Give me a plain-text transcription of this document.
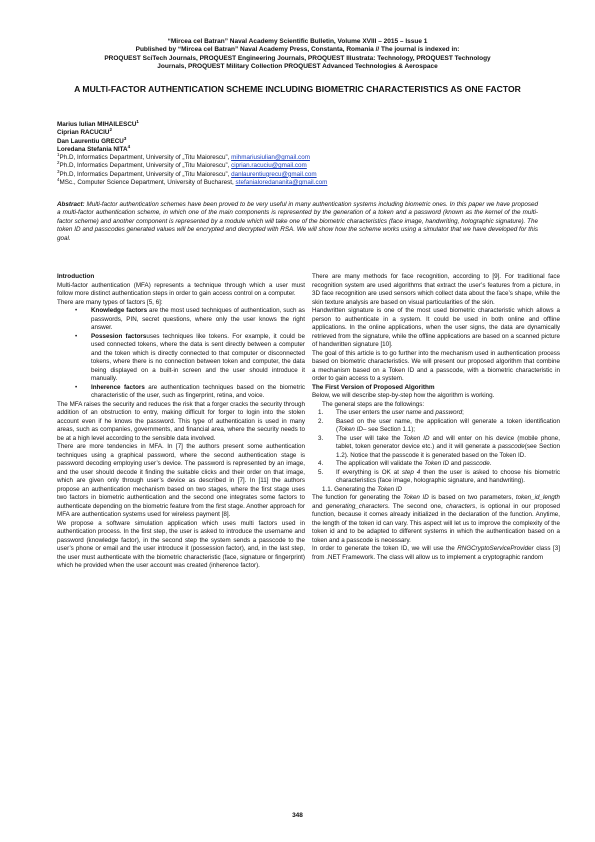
“Mircea cel Batran” Naval Academy Scientific Bulletin, Volume XVIII – 2015 – Issue 1
Published by “Mircea cel Batran” Naval Academy Press, Constanta, Romania // The journal is indexed in:
PROQUEST SciTech Journals, PROQUEST Engineering Journals, PROQUEST Illustrata: Technology, PROQUEST Technology
Journals, PROQUEST Military Collection PROQUEST Advanced Technologies & Aerospace
A MULTI-FACTOR AUTHENTICATION SCHEME INCLUDING BIOMETRIC CHARACTERISTICS AS ONE FACTOR
Marius Iulian MIHAILESCU$^1$
Ciprian RACUCIU$^2$
Dan Laurentiu GRECU$^3$
Loredana Stefania NITA$^4$
$^1$Ph.D, Informatics Department, University of „Titu Maiorescu”, mihmariusiulian@gmail.com
$^2$Ph.D, Informatics Department, University of „Titu Maiorescu”, ciprian.racuciu@gmail.com
$^3$Ph.D, Informatics Department, University of „Titu Maiorescu”, danlaurentiugrecu@gmail.com
$^4$MSc., Computer Science Department, University of Bucharest, stefanialoredananita@gmail.com
Abstract: Multi-factor authentication schemes have been proved to be very useful in many authentication systems including biometric ones. In this paper we have proposed a multi-factor authentication scheme, in which one of the main components is represented by the generation of a token and a password (known as the kernel of the multi-factor scheme) and another component is represented by a module which will take one of the biometric characteristics (face image, handwriting, holographic signature). The token ID and passcodes generated values will be encrypted and decrypted with RSA. We will show how the scheme works using a simulator that we have developed for this goal.
Introduction

Multi-factor authentication (MFA) represents a technique through which a user must follow more distinct authentication steps in order to gain access control on a computer.

There are many types of factors [5, 6]:

• Knowledge factors are the most used techniques of authentication, such as passwords, PIN, secret questions, where only the user knows the right answer.

• Possesion factorsuses techniques like tokens. For example, it could be used connected tokens, where the data is sent directly between a computer and the token which is directly connected to that computer or disconnected tokens, where there is no connection between token and computer, the data being displayed on a built-in screen and the user should introduce it manually.

• Inherence factors are authentication techniques based on the biometric characteristic of the user, such as fingerprint, retina, and voice.

The MFA raises the security and reduces the risk that a forger cracks the security through addition of an obstruction to entry, making difficult for forger to login into the stolen account even if he knows the password. This type of authentication is used in many areas, such as companies, governments, and financial area, where the security needs to be at a high level according to the sensible data involved.

There are more tendencies in MFA. In [7] the authors present some authentication techniques using a graphical password, where the second authentication stage is password decoding employing user’s device. The password is represented by an image, and the user should decode it finding the suitable clicks and their order on that image, which are given only through user’s device as described in [7]. In [11] the authors propose an authentication mechanism based on two stages, where the first stage uses two factors in biometric authentication and the second one integrates some factors to authenticate depending on the biometric feature from the first stage. Another approach for MFA are authentication systems used for wireless payment [8].

We propose a software simulation application which uses multi factors used in authentication process. In the first step, the user is asked to introduce the username and password (knowledge factor), in the second step the system sends a passcode to the user’s phone or email and the user introduce it (possession factor), and, in the last step, the user must authenticate with the biometric characteristic (face, signature or fingerprint) which he provided when the user account was created (inherence factor).

There are many methods for face recognition, according to [9]. For traditional face recognition system are used algorithms that extract the user’s features from a picture, in 3D face recognition are used sensors which collect data about the face’s shape, while the skin texture analysis are based on visual particularities of the skin.

Handwritten signature is one of the most used biometric characteristic which allows a person to authenticate in a system. It could be used in both online and offline applications. In the online applications, when the user signs, the data are dynamically retrieved from the signature, while the offline applications are based on a scanned picture of handwritten signature [10].

The goal of this article is to go further into the mechanism used in authentication process based on biometric characteristics. We will present our proposed algorithm that combine a mechanism based on a Token ID and a passcode, with a biometric characteristic in order to gain access to a system.

The First Version of Proposed Algorithm

Below, we will describe step-by-step how the algorithm is working.

The general steps are the followings:

1. The user enters the user name and password;

2. Based on the user name, the application will generate a token identification (Token ID– see Section 1.1);

3. The user will take the Token ID and will enter on his device (mobile phone, tablet, token generator device etc.) and it will generate a passcode(see Section 1.2). Notice that the passcode it is generated based on the Token ID.

4. The application will validate the Token ID and passcode.

5. If everything is OK at step 4 then the user is asked to choose his biometric characteristics (face image, holographic signature, and handwriting).

1.1. Generating the Token ID

The function for generating the Token ID is based on two parameters, token_id_length and generating_characters. The second one, characters, is optional in our proposed function, because it comes already initialized in the declaration of the function. Anytime, the length of the token id can vary. This aspect will let us to improve the complexity of the token id and to be adapted to different systems in which the authentication based on a token and a passcode is necessary.

In order to generate the token ID, we will use the RNGCryptoServiceProvider class [3] from .NET Framework. The class will allow us to implement a cryptographic random

348
